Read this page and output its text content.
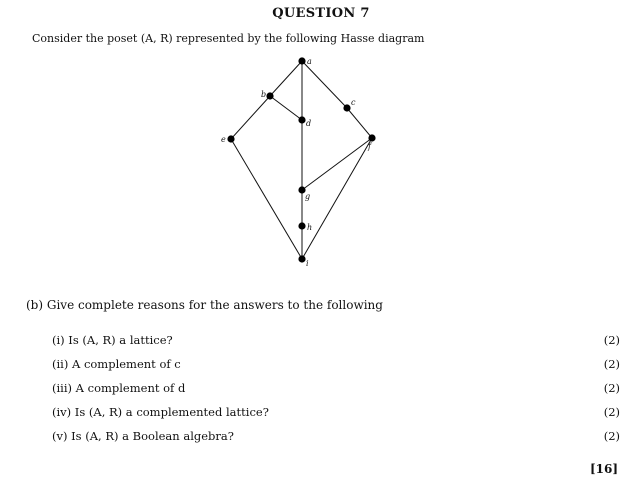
QUESTION 7
Consider the poset (A, R) represented by the following Hasse diagram
a
b
c
d
e
f
g
h
i
(b) Give complete reasons for the answers to the following
(i) Is (A, R) a lattice?	(2)
(ii) A complement of c	(2)
(iii) A complement of d	(2)
(iv) Is (A, R) a complemented lattice?	(2)
(v) Is (A, R) a Boolean algebra?	(2)
[16]
